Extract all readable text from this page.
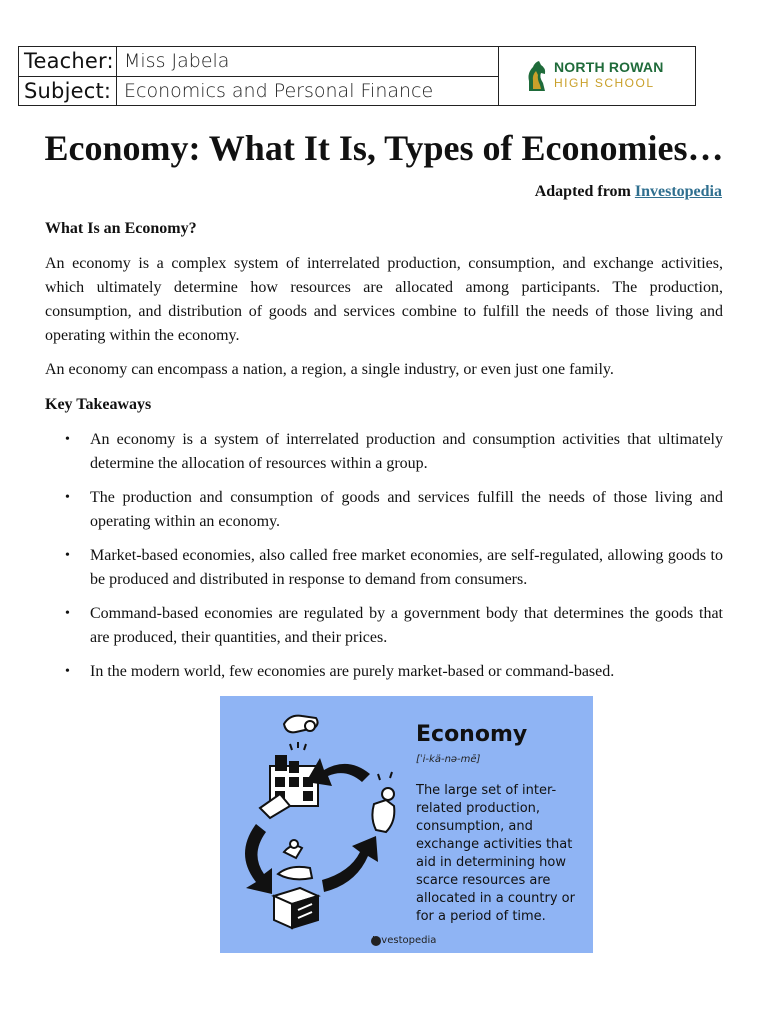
Teacher: Miss Jabela
Subject: Economics and Personal Finance
NORTH ROWAN
HIGH SCHOOL
Economy: What It Is, Types of Economies…
Adapted from Investopedia
What Is an Economy?

An economy is a complex system of interrelated production, consumption, and exchange activities, which ultimately determine how resources are allocated among participants. The production, consumption, and distribution of goods and services combine to fulfill the needs of those living and operating within the economy.

An economy can encompass a nation, a region, a single industry, or even just one family.

Key Takeaways
• An economy is a system of interrelated production and consumption activities that ultimately determine the allocation of resources within a group.
• The production and consumption of goods and services fulfill the needs of those living and operating within an economy.
• Market-based economies, also called free market economies, are self-regulated, allowing goods to be produced and distributed in response to demand from consumers.
• Command-based economies are regulated by a government body that determines the goods that are produced, their quantities, and their prices.
• In the modern world, few economies are purely market-based or command-based.
Economy
[ˈi-kä-nə-mē]
The large set of inter-related production, consumption, and exchange activities that aid in determining how scarce resources are allocated in a country or for a period of time.
Investopedia
